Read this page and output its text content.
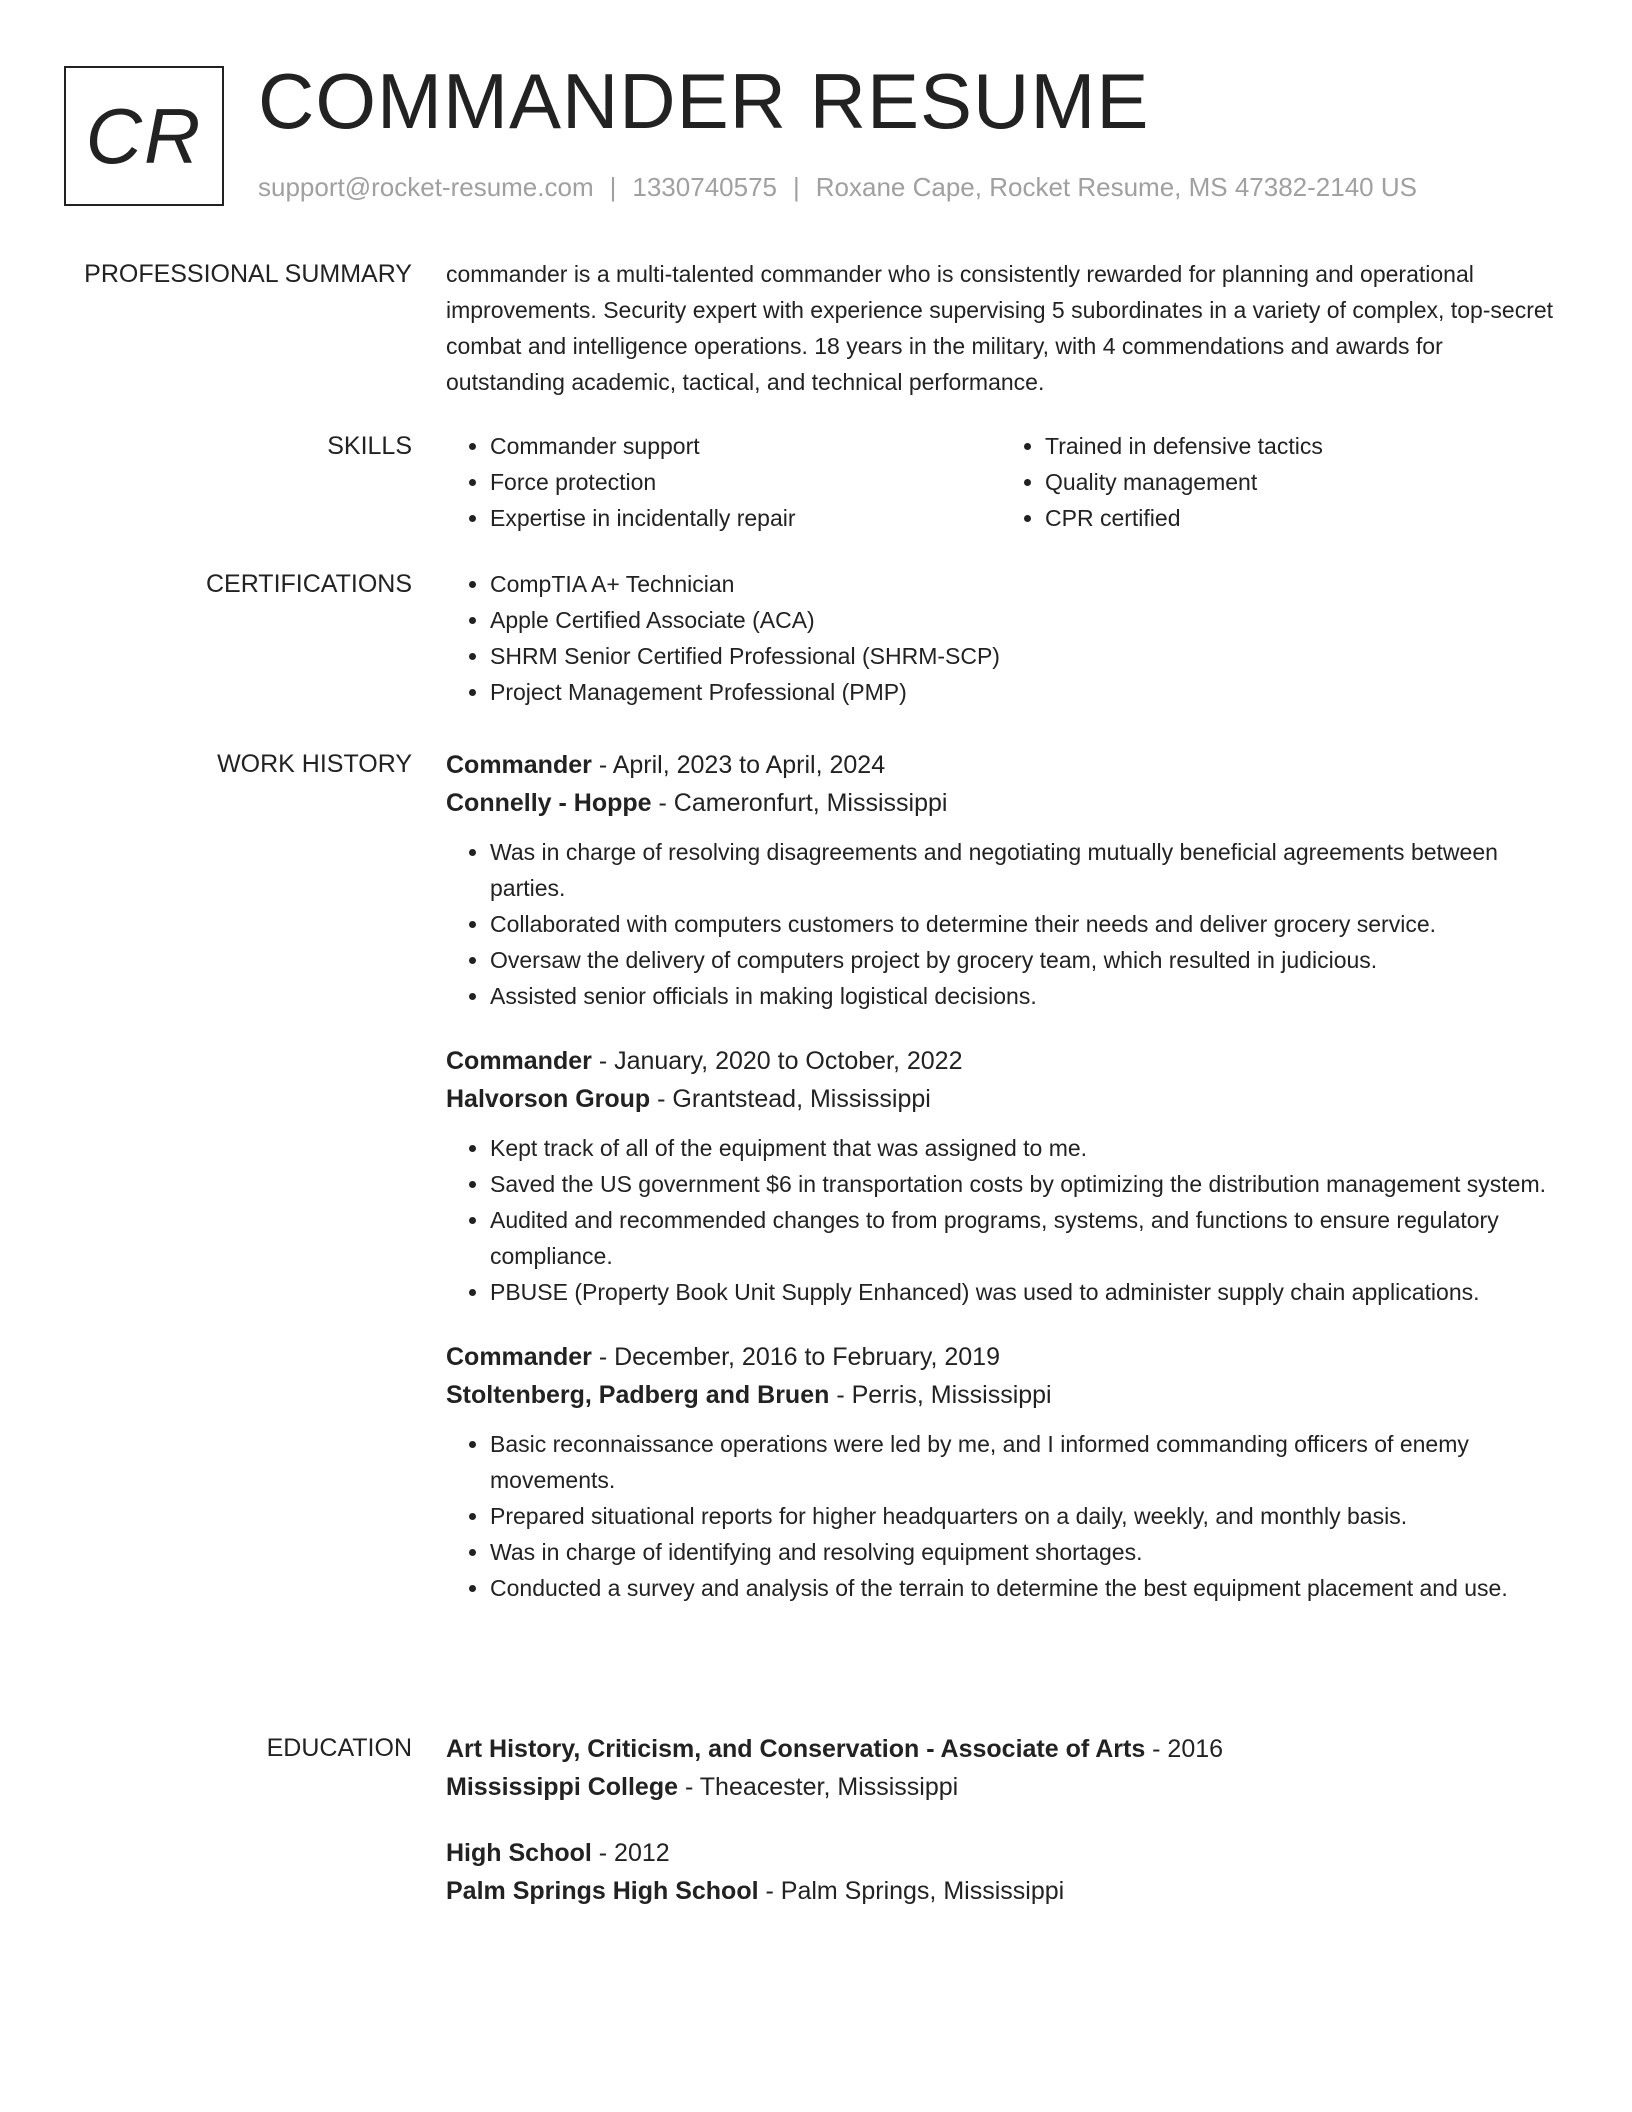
CR COMMANDER RESUME
support@rocket-resume.com | 1330740575 | Roxane Cape, Rocket Resume, MS 47382-2140 US
PROFESSIONAL SUMMARY commander is a multi-talented commander who is consistently rewarded for planning and operational improvements. Security expert with experience supervising 5 subordinates in a variety of complex, top-secret combat and intelligence operations. 18 years in the military, with 4 commendations and awards for outstanding academic, tactical, and technical performance.

SKILLS	• Commander support
• Force protection
• Expertise in incidentally repair
• Trained in defensive tactics
• Quality management
• CPR certified
CERTIFICATIONS	• CompTIA A+ Technician
• Apple Certified Associate (ACA)
• SHRM Senior Certified Professional (SHRM-SCP)
• Project Management Professional (PMP)
WORK HISTORY Commander - April, 2023 to April, 2024
Connelly - Hoppe - Cameronfurt, Mississippi
• Was in charge of resolving disagreements and negotiating mutually beneficial agreements between parties.
• Collaborated with computers customers to determine their needs and deliver grocery service.
• Oversaw the delivery of computers project by grocery team, which resulted in judicious.
• Assisted senior officials in making logistical decisions.
Commander - January, 2020 to October, 2022
Halvorson Group - Grantstead, Mississippi
• Kept track of all of the equipment that was assigned to me.
• Saved the US government $6 in transportation costs by optimizing the distribution management system.
• Audited and recommended changes to from programs, systems, and functions to ensure regulatory compliance.
• PBUSE (Property Book Unit Supply Enhanced) was used to administer supply chain applications.
Commander - December, 2016 to February, 2019
Stoltenberg, Padberg and Bruen - Perris, Mississippi
• Basic reconnaissance operations were led by me, and I informed commanding officers of enemy movements.
• Prepared situational reports for higher headquarters on a daily, weekly, and monthly basis.
• Was in charge of identifying and resolving equipment shortages.
• Conducted a survey and analysis of the terrain to determine the best equipment placement and use.
EDUCATION Art History, Criticism, and Conservation - Associate of Arts - 2016
Mississippi College - Theacester, Mississippi
High School - 2012
Palm Springs High School - Palm Springs, Mississippi
